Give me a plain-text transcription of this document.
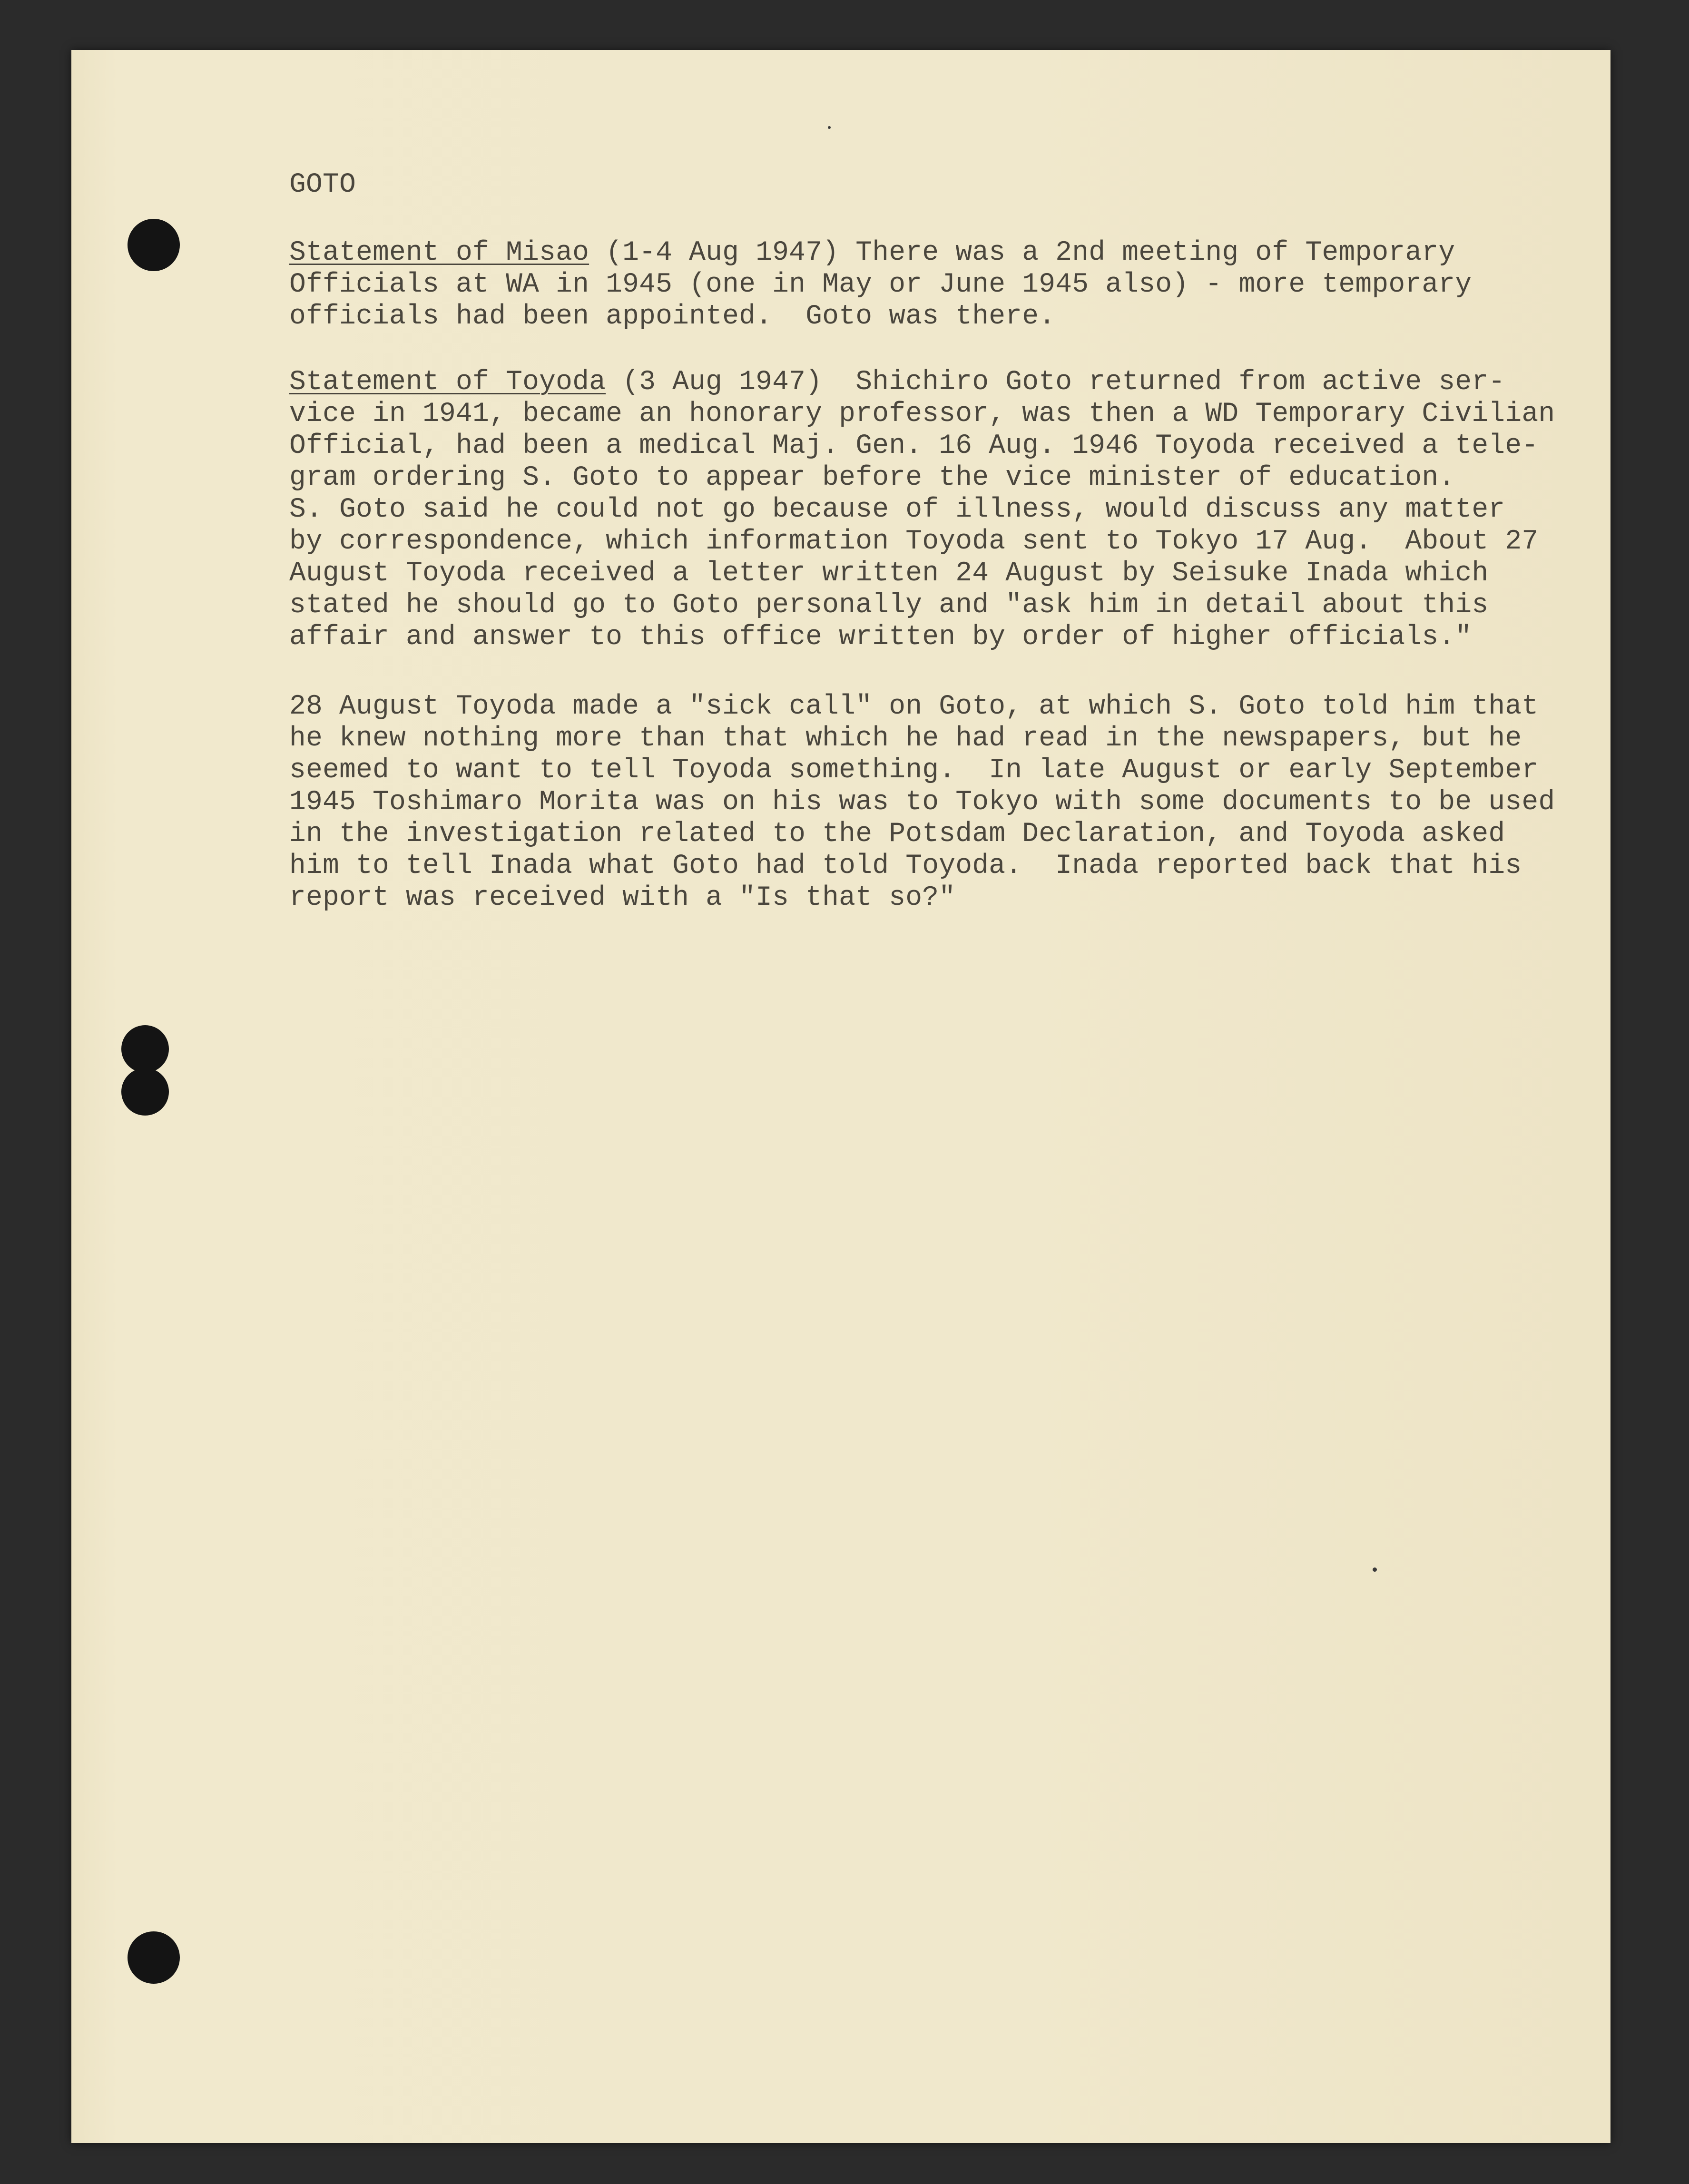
GOTO
Statement of Misao (1-4 Aug 1947) There was a 2nd meeting of Temporary
Officials at WA in 1945 (one in May or June 1945 also) - more temporary
officials had been appointed.  Goto was there.
Statement of Toyoda (3 Aug 1947)  Shichiro Goto returned from active ser-
vice in 1941, became an honorary professor, was then a WD Temporary Civilian
Official, had been a medical Maj. Gen. 16 Aug. 1946 Toyoda received a tele-
gram ordering S. Goto to appear before the vice minister of education.
S. Goto said he could not go because of illness, would discuss any matter
by correspondence, which information Toyoda sent to Tokyo 17 Aug.  About 27
August Toyoda received a letter written 24 August by Seisuke Inada which
stated he should go to Goto personally and "ask him in detail about this
affair and answer to this office written by order of higher officials."
28 August Toyoda made a "sick call" on Goto, at which S. Goto told him that
he knew nothing more than that which he had read in the newspapers, but he
seemed to want to tell Toyoda something.  In late August or early September
1945 Toshimaro Morita was on his was to Tokyo with some documents to be used
in the investigation related to the Potsdam Declaration, and Toyoda asked
him to tell Inada what Goto had told Toyoda.  Inada reported back that his
report was received with a "Is that so?"
